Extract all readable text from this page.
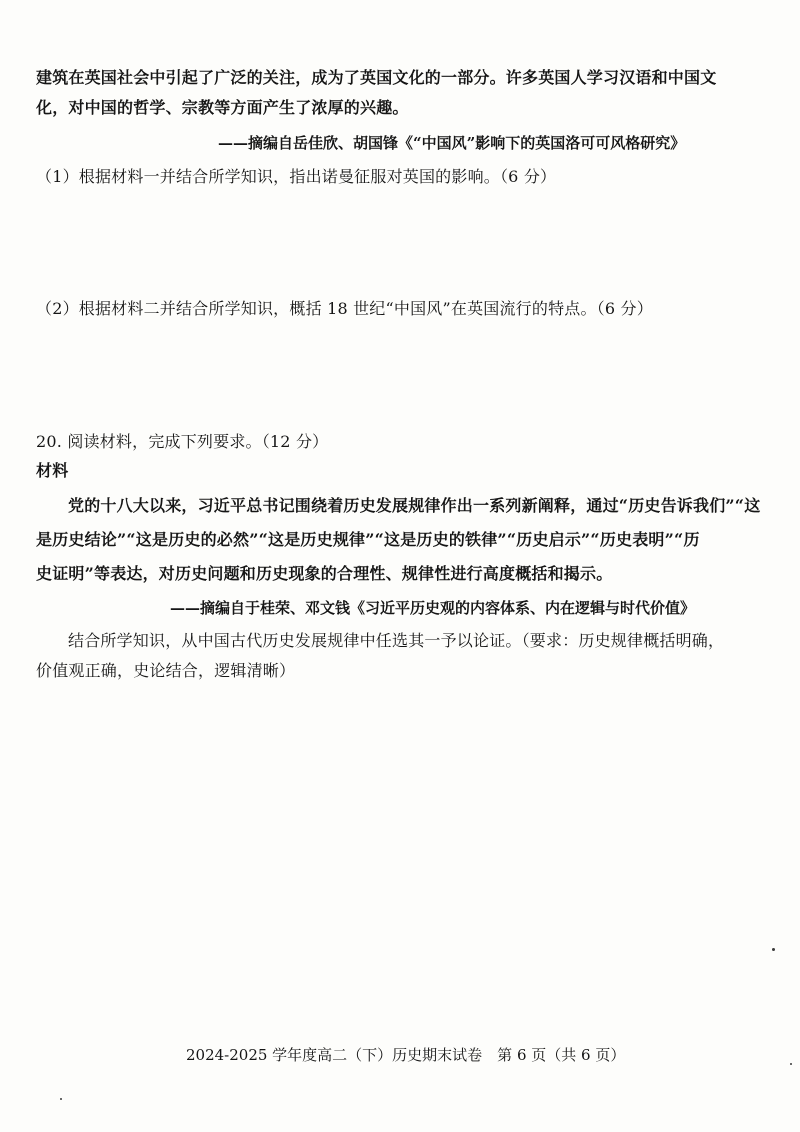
建筑在英国社会中引起了广泛的关注，成为了英国文化的一部分。许多英国人学习汉语和中国文
化，对中国的哲学、宗教等方面产生了浓厚的兴趣。
——摘编自岳佳欣、胡国锋《“中国风”影响下的英国洛可可风格研究》
（1）根据材料一并结合所学知识，指出诺曼征服对英国的影响。（6 分）
（2）根据材料二并结合所学知识，概括 18 世纪“中国风”在英国流行的特点。（6 分）
20. 阅读材料，完成下列要求。（12 分）
材料
党的十八大以来，习近平总书记围绕着历史发展规律作出一系列新阐释，通过“历史告诉我们”“这
是历史结论”“这是历史的必然”“这是历史规律”“这是历史的铁律”“历史启示”“历史表明”“历
史证明”等表达，对历史问题和历史现象的合理性、规律性进行高度概括和揭示。
——摘编自于桂荣、邓文钱《习近平历史观的内容体系、内在逻辑与时代价值》
结合所学知识，从中国古代历史发展规律中任选其一予以论证。（要求：历史规律概括明确，
价值观正确，史论结合，逻辑清晰）
2024-2025 学年度高二（下）历史期末试卷　第 6 页（共 6 页）
